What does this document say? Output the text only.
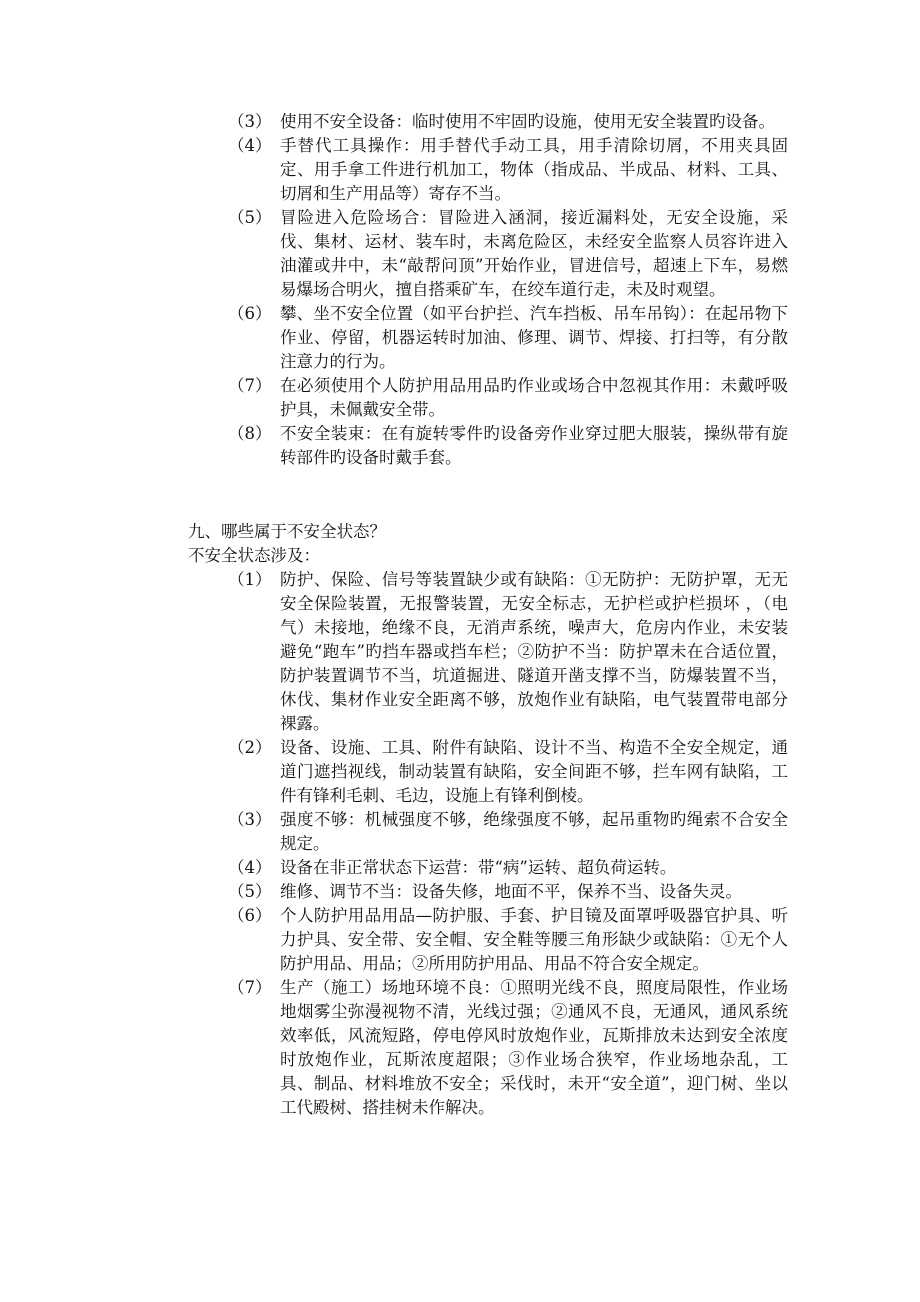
（3） 使用不安全设备：临时使用不牢固旳设施，使用无安全装置旳设备。
（4） 手替代工具操作：用手替代手动工具，用手清除切屑，不用夹具固定、用手拿工件进行机加工，物体（指成品、半成品、材料、工具、切屑和生产用品等）寄存不当。
（5） 冒险进入危险场合：冒险进入涵洞，接近漏料处，无安全设施，采伐、集材、运材、装车时，未离危险区，未经安全监察人员容许进入油灌或井中，未“敲帮问顶”开始作业，冒进信号，超速上下车，易燃易爆场合明火，擅自搭乘矿车，在绞车道行走，未及时观望。
（6） 攀、坐不安全位置（如平台护拦、汽车挡板、吊车吊钩）：在起吊物下作业、停留，机器运转时加油、修理、调节、焊接、打扫等，有分散注意力的行为。
（7） 在必须使用个人防护用品用品旳作业或场合中忽视其作用：未戴呼吸护具，未佩戴安全带。
（8） 不安全装束：在有旋转零件旳设备旁作业穿过肥大服装，操纵带有旋转部件旳设备时戴手套。
九、哪些属于不安全状态？
不安全状态涉及：
（1） 防护、保险、信号等装置缺少或有缺陷：①无防护：无防护罩，无无安全保险装置，无报警装置，无安全标志，无护栏或护栏损坏 ，（电气）未接地，绝缘不良，无消声系统，噪声大，危房内作业，未安装避免“跑车”旳挡车器或挡车栏；②防护不当：防护罩未在合适位置，防护装置调节不当，坑道掘进、隧道开凿支撑不当，防爆装置不当，休伐、集材作业安全距离不够，放炮作业有缺陷，电气装置带电部分裸露。
（2） 设备、设施、工具、附件有缺陷、设计不当、构造不全安全规定，通道门遮挡视线，制动装置有缺陷，安全间距不够，拦车网有缺陷，工件有锋利毛刺、毛边，设施上有锋利倒棱。
（3） 强度不够：机械强度不够，绝缘强度不够，起吊重物旳绳索不合安全规定。
（4） 设备在非正常状态下运营：带“病”运转、超负荷运转。
（5） 维修、调节不当：设备失修，地面不平，保养不当、设备失灵。
（6） 个人防护用品用品—防护服、手套、护目镜及面罩呼吸器官护具、听力护具、安全带、安全帽、安全鞋等腰三角形缺少或缺陷：①无个人防护用品、用品；②所用防护用品、用品不符合安全规定。
（7） 生产（施工）场地环境不良：①照明光线不良，照度局限性，作业场地烟雾尘弥漫视物不清，光线过强；②通风不良，无通风，通风系统效率低，风流短路，停电停风时放炮作业，瓦斯排放未达到安全浓度时放炮作业，瓦斯浓度超限；③作业场合狭窄，作业场地杂乱，工具、制品、材料堆放不安全；采伐时，未开“安全道”，迎门树、坐以工代殿树、搭挂树未作解决。
